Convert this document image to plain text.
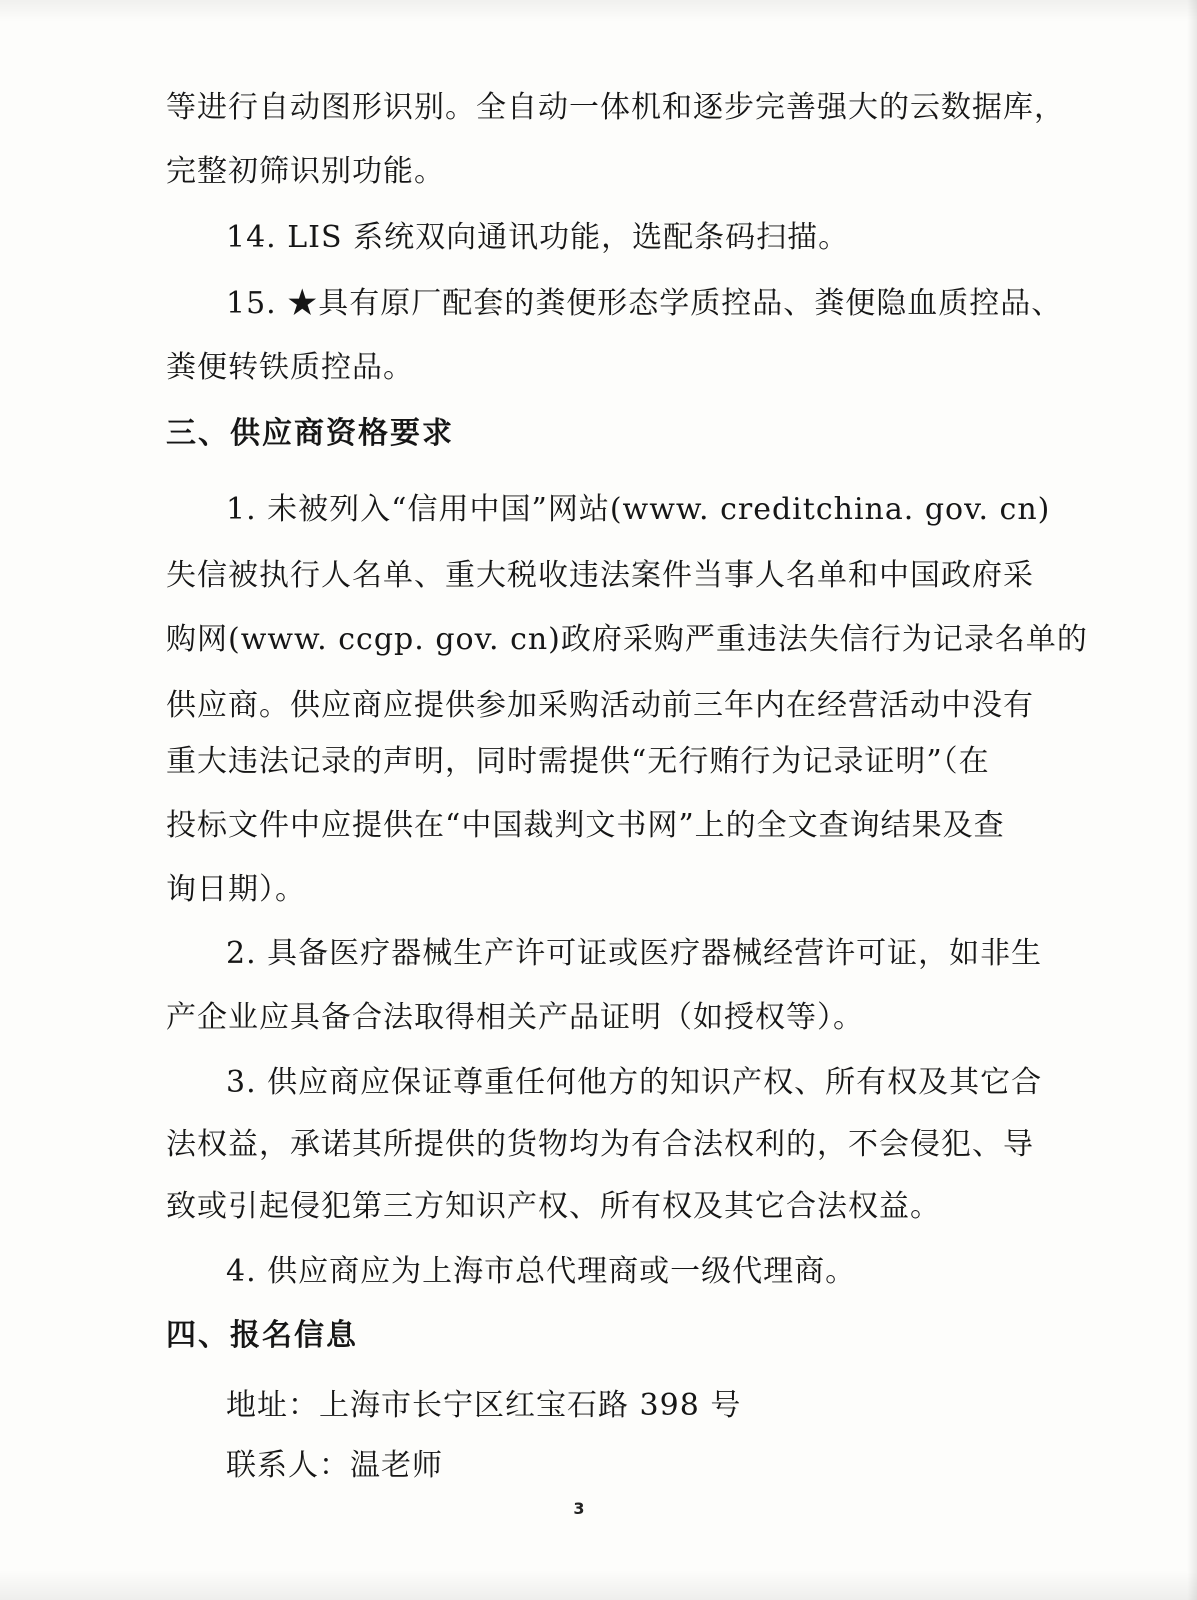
等进行自动图形识别。全自动一体机和逐步完善强大的云数据库，
完整初筛识别功能。
14. LIS 系统双向通讯功能，选配条码扫描。
15. ★具有原厂配套的粪便形态学质控品、粪便隐血质控品、
粪便转铁质控品。
三、供应商资格要求
1. 未被列入“信用中国”网站(www. creditchina. gov. cn)
失信被执行人名单、重大税收违法案件当事人名单和中国政府采
购网(www. ccgp. gov. cn)政府采购严重违法失信行为记录名单的
供应商。供应商应提供参加采购活动前三年内在经营活动中没有
重大违法记录的声明，同时需提供“无行贿行为记录证明”（在
投标文件中应提供在“中国裁判文书网”上的全文查询结果及查
询日期）。
2. 具备医疗器械生产许可证或医疗器械经营许可证，如非生
产企业应具备合法取得相关产品证明（如授权等）。
3. 供应商应保证尊重任何他方的知识产权、所有权及其它合
法权益，承诺其所提供的货物均为有合法权利的，不会侵犯、导
致或引起侵犯第三方知识产权、所有权及其它合法权益。
4. 供应商应为上海市总代理商或一级代理商。
四、报名信息
地址：上海市长宁区红宝石路 398 号
联系人：温老师
3
